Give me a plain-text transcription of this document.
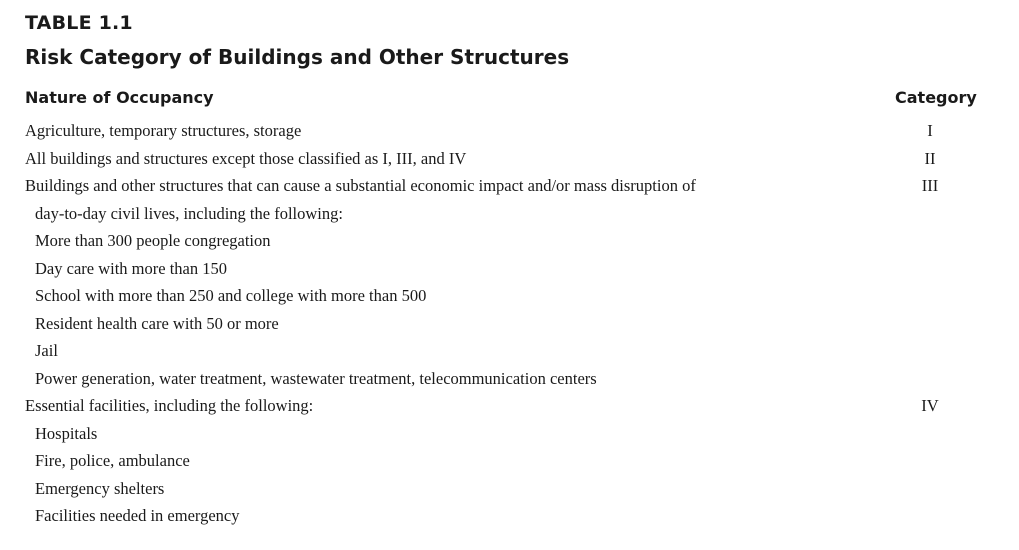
TABLE 1.1
Risk Category of Buildings and Other Structures
Nature of Occupancy	Category
Agriculture, temporary structures, storage	I
All buildings and structures except those classified as I, III, and IV	II
Buildings and other structures that can cause a substantial economic impact and/or mass disruption of	III
day-to-day civil lives, including the following:
More than 300 people congregation
Day care with more than 150
School with more than 250 and college with more than 500
Resident health care with 50 or more
Jail
Power generation, water treatment, wastewater treatment, telecommunication centers
Essential facilities, including the following:	IV
Hospitals
Fire, police, ambulance
Emergency shelters
Facilities needed in emergency
